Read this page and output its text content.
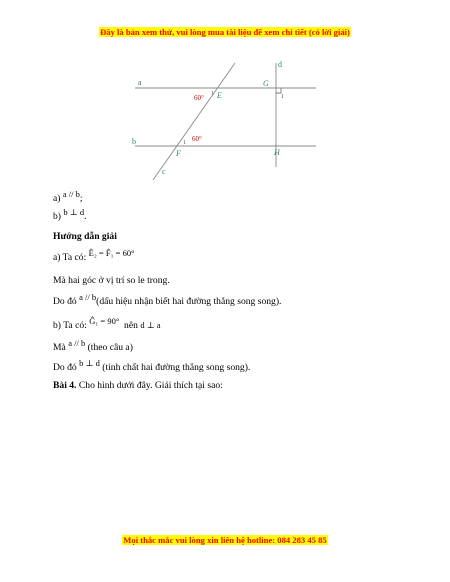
Đây là bản xem thử, vui lòng mua tài liệu để xem chi tiết (có lời giải)
a
b
c
d
E
F
G
H
60°
60°
1
1
1
a) a // b;
b) b ⊥ d.
Hướng dẫn giải
a) Ta có: Ê₂ = F̂₁ = 60°
Mà hai góc ở vị trí so le trong.
Do đó a // b(dấu hiệu nhận biết hai đường thẳng song song).
b) Ta có: Ĝ₁ = 90° nên d ⊥ a
Mà a // b (theo câu a)
Do đó b ⊥ d (tính chất hai đường thẳng song song).
Bài 4. Cho hình dưới đây. Giải thích tại sao:
Mọi thắc mắc vui lòng xin liên hệ hotline: 084 283 45 85
